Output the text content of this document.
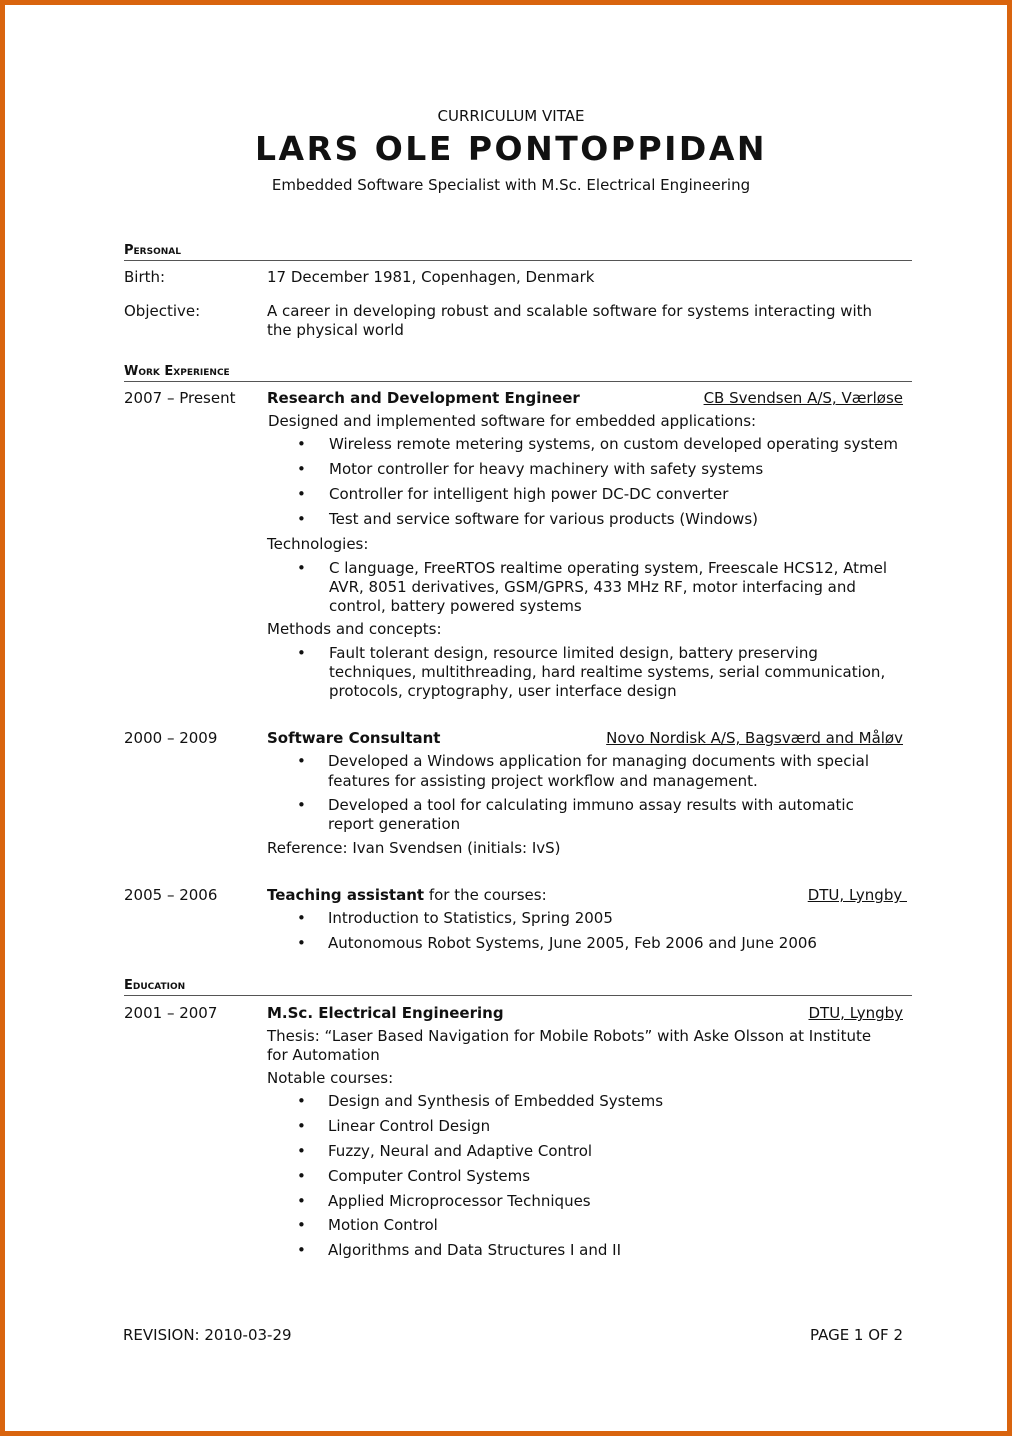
CURRICULUM VITAE
LARS OLE PONTOPPIDAN
Embedded Software Specialist with M.Sc. Electrical Engineering
Personal
Birth:	17 December 1981, Copenhagen, Denmark
Objective:	A career in developing robust and scalable software for systems interacting with
the physical world
Work Experience
2007 – Present Research and Development Engineer	CB Svendsen A/S, Værløse
Designed and implemented software for embedded applications:
• Wireless remote metering systems, on custom developed operating system
• Motor controller for heavy machinery with safety systems
• Controller for intelligent high power DC-DC converter
• Test and service software for various products (Windows)
Technologies:
• C language, FreeRTOS realtime operating system, Freescale HCS12, Atmel
AVR, 8051 derivatives, GSM/GPRS, 433 MHz RF, motor interfacing and
control, battery powered systems
Methods and concepts:
• Fault tolerant design, resource limited design, battery preserving
techniques, multithreading, hard realtime systems, serial communication,
protocols, cryptography, user interface design
2000 – 2009	Software Consultant	Novo Nordisk A/S, Bagsværd and Måløv
• Developed a Windows application for managing documents with special
features for assisting project workflow and management.
• Developed a tool for calculating immuno assay results with automatic
report generation
Reference: Ivan Svendsen (initials: IvS)
2005 – 2006	Teaching assistant for the courses:	DTU, Lyngby
• Introduction to Statistics, Spring 2005
• Autonomous Robot Systems, June 2005, Feb 2006 and June 2006
Education
2001 – 2007	M.Sc. Electrical Engineering	DTU, Lyngby
Thesis: “Laser Based Navigation for Mobile Robots” with Aske Olsson at Institute
for Automation
Notable courses:
• Design and Synthesis of Embedded Systems
• Linear Control Design
• Fuzzy, Neural and Adaptive Control
• Computer Control Systems
• Applied Microprocessor Techniques
• Motion Control
• Algorithms and Data Structures I and II
REVISION: 2010-03-29	PAGE 1 OF 2
